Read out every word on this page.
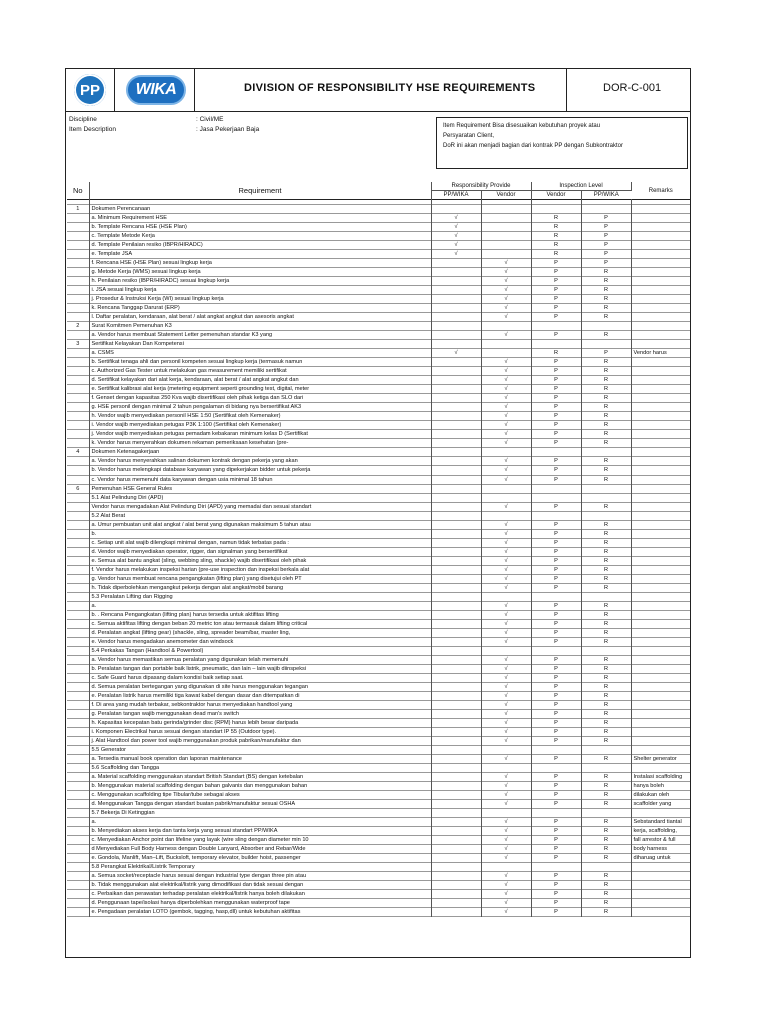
PP	WIKA	DIVISION OF RESPONSIBILITY HSE REQUIREMENTS	DOR-C-001
Discipline	: Civil/ME
Item Description	: Jasa Pekerjaan Baja	Item Requirement Bisa disesuaikan kebutuhan proyek atau
Persyaratan Client,
DoR ini akan menjadi bagian dari kontrak PP dengan Subkontraktor
No	Requirement	Responsibility Provide		Inspection Level		Remarks
		PP/WIKA	Vendor	Vendor	PP/WIKA	

1	Dokumen Perencanaan					
	a. Minimum Requirement HSE	√		R	P	
	b. Template Rencana HSE (HSE Plan)	√		R	P	
	c. Template Metode Kerja	√		R	P	
	d. Template Penilaian resiko (IBPR/HIRADC)	√		R	P	
	e. Template JSA	√		R	P	
	f. Rencana HSE (HSE Plan) sesuai lingkup kerja		√	P	P	
	g. Metode Kerja (WMS) sesuai lingkup kerja		√	P	R	
	h. Penilaian resiko (IBPR/HIRADC) sesuai lingkup kerja		√	P	R	
	i. JSA sesuai lingkup kerja		√	P	R	
	j. Prosedur & Instruksi Kerja (WI) sesuai lingkup kerja		√	P	R	
	k. Rencana Tanggap Darurat (ERP)		√	P	R	
	l. Daftar peralatan, kendaraan, alat berat / alat angkat angkut dan asesoris angkat		√	P	R	
2	Surat Komitmen Pemenuhan K3					
	a. Vendor harus membuat Statement Letter pemenuhan standar K3 yang		√	P	R	
3	Sertifikat Kelayakan Dan Kompetensi					
	a. CSMS	√		R	P	Vendor harus
	b. Sertifikat tenaga ahli dan personil kompeten sesuai lingkup kerja (termasuk namun		√	P	R	
	c. Authorized Gas Tester untuk melakukan gas measurement memiliki sertifikat		√	P	R	
	d. Sertifikat kelayakan dari alat kerja, kendaraan, alat berat / alat angkat angkut dan		√	P	R	
	e. Sertifikat kalibrasi alat kerja (metering equipment seperti grounding test, digital, meter		√	P	R	
	f. Genset dengan kapasitas 250 Kva wajib disertifikasi oleh pihak ketiga dan SLO dari		√	P	R	
	g. HSE personil dengan minimal 2 tahun pengalaman di bidang nya bersertifikat AK3		√	P	R	
	h. Vendor wajib menyediakan personil HSE 1:50 (Sertifikat oleh Kemenaker)		√	P	R	
	i. Vendor wajib menyediakan petugas P3K 1:100 (Sertifikat oleh Kemenaker)		√	P	R	
	j. Vendor wajib menyediakan petugas pemadam kebakaran minimum kelas D (Sertifikat		√	P	R	
	k. Vendor harus menyerahkan dokumen rekaman pemeriksaan kesehatan (pre-		√	P	R	
4	Dokumen Ketenagakerjaan					
	a. Vendor harus menyerahkan salinan dokumen kontrak dengan pekerja yang akan		√	P	R	
	b. Vendor harus melengkapi database karyawan yang dipekerjakan bidder untuk pekerja		√	P	R	
	c. Vendor harus memenuhi data karyawan dengan usia minimal 18 tahun		√	P	R	
6	Pemenuhan HSE General Rules					
	5.1 Alat Pelindung Diri (APD)					
	Vendor harus mengadakan Alat Pelindung Diri (APD) yang memadai dan sesuai standart		√	P	R	
	5.2 Alat Berat					
	a. Umur pembuatan unit alat angkat / alat berat yang digunakan maksimum 5 tahun atau		√	P	R	
	b.		√	P	R	
	c. Setiap unit alat wajib dilengkapi minimal dengan, namun tidak terbatas pada :		√	P	R	
	d. Vendor wajib menyediakan operator, rigger, dan signalman yang bersertifikat		√	P	R	
	e. Semua alat bantu angkat (sling, webbing sling, shackle) wajib disertifikasi oleh pihak		√	P	R	
	f. Vendor harus melakukan inspeksi harian (pre-use inspection dan inspeksi berkala alat		√	P	R	
	g. Vendor harus membuat rencana pengangkatan (lifting plan) yang disetujui oleh PT		√	P	R	
	h. Tidak diperbolehkan mengangkut pekerja dengan alat angkat/mobil barang		√	P	R	
	5.3 Peralatan Lifting dan Rigging					
	a.		√	P	R	
	b. . Rencana Pengangkatan (lifting plan) harus tersedia untuk aktifitas lifting		√	P	R	
	c. Semua aktifitas lifting dengan beban 20 metric ton atau termasuk dalam lifting critical		√	P	R	
	d. Peralatan angkat (lifting gear) (shackle, sling, spreader beam/bar, master ling,		√	P	R	
	e. Vendor harus mengadakan anemometer dan windsock		√	P	R	
	5.4 Perkakas Tangan (Handtool & Powertool)					
	a. Vendor harus memastikan semua peralatan yang digunakan telah memenuhi		√	P	R	
	b. Peralatan tangan dan portable baik listrik, pneumatic, dan lain – lain wajib diinspeksi		√	P	R	
	c. Safe Guard harus dipasang dalam kondisi baik setiap saat.		√	P	R	
	d. Semua peralatan bertegangan yang digunakan di site harus menggunakan tegangan		√	P	R	
	e. Peralatan listrik harus memiliki tiga kawat kabel dengan dasar dan ditempatkan di		√	P	R	
	f. Di area yang mudah terbakar, sebkontraktor harus menyediakan handtool yang		√	P	R	
	g. Peralatan tangan wajib menggunakan dead man's switch		√	P	R	
	h. Kapasitas kecepatan batu gerinda/grinder disc (RPM) harus lebih besar daripada		√	P	R	
	i. Komponen Electrikal harus sesuai dengan standart IP 55 (Outdoor type).		√	P	R	
	j. Alat Handtool dan power tool wajib menggunakan produk pabrikan/manufaktur dan		√	P	R	
	5.5 Generator					
	a. Tersedia manual book operation dan laporan maintenance		√	P	R	Shelter generator
	5.6 Scaffolding dan Tangga					
	a. Material scaffolding menggunakan standart British Standart (BS) dengan ketebalan		√	P	R	Instalasi scaffolding
	b. Menggunakan material scaffolding dengan bahan galvanis dan menggunakan bahan		√	P	R	hanya boleh
	c. Menggunakan scaffolding tipe Tibular/tube sebagai akses		√	P	R	dilakukan oleh
	d. Menggunakan Tangga dengan standart buatan pabrik/manufaktur sesuai OSHA		√	P	R	scaffolder yang
	5.7 Bekerja Di Ketinggian					
	a.		√	P	R	Sebstandard tiantal
	b. Menyediakan akses kerja dan tanta kerja yang sesuai standart PP/WIKA		√	P	R	kerja, scaffolding,
	c. Menyediakan Anchor point dan lifeline yang layak (wire sling dengan diameter min 10		√	P	R	fall arrestor & full
	d Menyediakan Full Body Harness dengan Double Lanyard, Absorber and Rebar/Wide		√	P	R	body harness
	e. Gondola, Manlift, Man–Lift, Bucksloft, temporary elevator, builder hoist, passenger		√	P	R	diharuag untuk
	5.8 Perangkat Elektrikal/Listrik Temporary					
	a. Semua socket/receptacle harus sesuai dengan industrial type dengan three pin atau		√	P	R	
	b. Tidak menggunakan alat elektrikal/listrik yang dimodifikasi dan tidak sesuai dengan		√	P	R	
	c. Perbaikan dan perawatan terhadap peralatan elektrikal/listrik hanya boleh dilakukan		√	P	R	
	d. Penggunaan tape/isolasi hanya diperbolehkan menggunakan waterproof tape		√	P	R	
	e. Pengadaan peralatan LOTO (gembok, tagging, hasp,dll) untuk kebutuhan aktifitas		√	P	R	
